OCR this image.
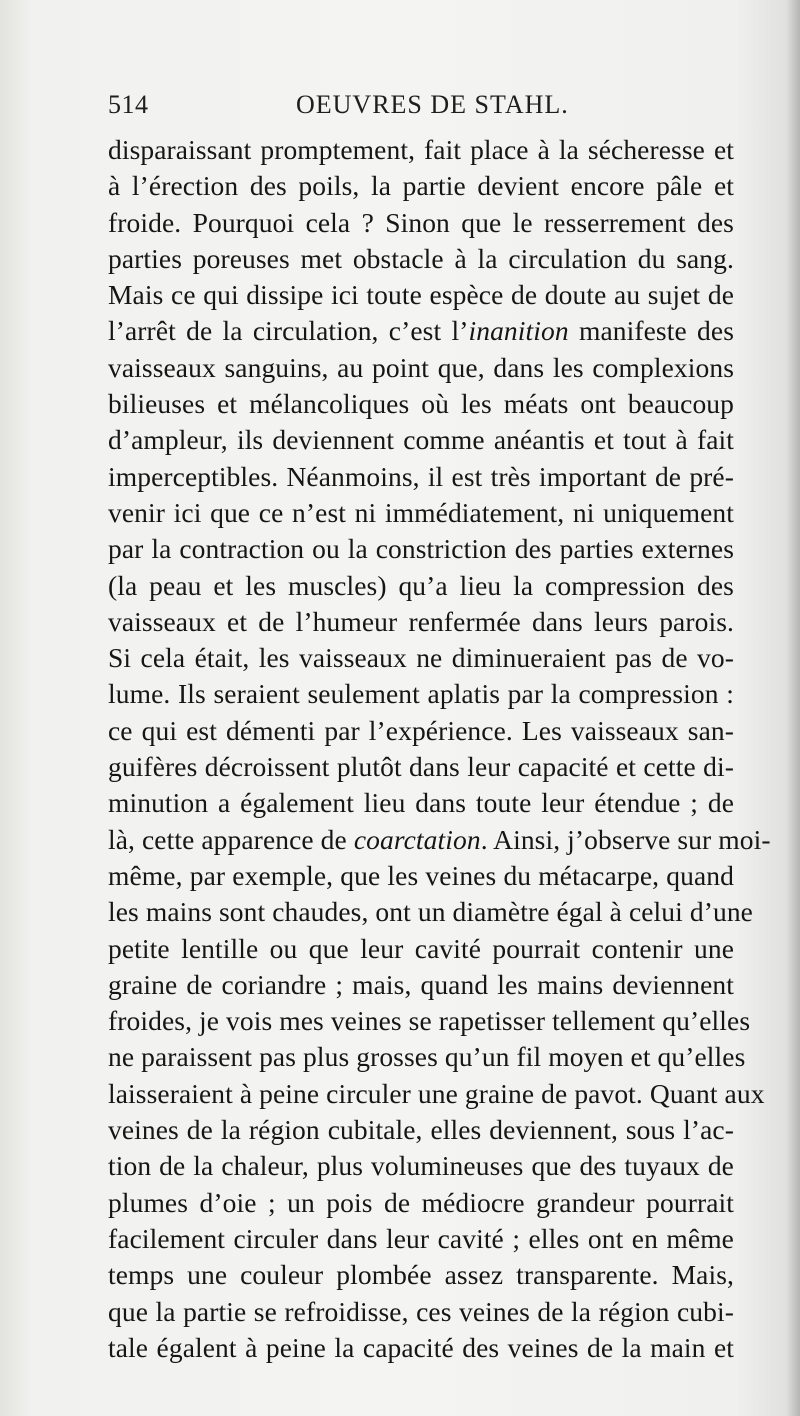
514	OEUVRES DE STAHL.
disparaissant promptement, fait place à la sécheresse et
à l’érection des poils, la partie devient encore pâle et
froide. Pourquoi cela ? Sinon que le resserrement des
parties poreuses met obstacle à la circulation du sang.
Mais ce qui dissipe ici toute espèce de doute au sujet de
l’arrêt de la circulation, c’est l’inanition manifeste des
vaisseaux sanguins, au point que, dans les complexions
bilieuses et mélancoliques où les méats ont beaucoup
d’ampleur, ils deviennent comme anéantis et tout à fait
imperceptibles. Néanmoins, il est très important de pré-
venir ici que ce n’est ni immédiatement, ni uniquement
par la contraction ou la constriction des parties externes
(la peau et les muscles) qu’a lieu la compression des
vaisseaux et de l’humeur renfermée dans leurs parois.
Si cela était, les vaisseaux ne diminueraient pas de vo-
lume. Ils seraient seulement aplatis par la compression :
ce qui est démenti par l’expérience. Les vaisseaux san-
guifères décroissent plutôt dans leur capacité et cette di-
minution a également lieu dans toute leur étendue ; de
là, cette apparence de coarctation. Ainsi, j’observe sur moi-
même, par exemple, que les veines du métacarpe, quand
les mains sont chaudes, ont un diamètre égal à celui d’une
petite lentille ou que leur cavité pourrait contenir une
graine de coriandre ; mais, quand les mains deviennent
froides, je vois mes veines se rapetisser tellement qu’elles
ne paraissent pas plus grosses qu’un fil moyen et qu’elles
laisseraient à peine circuler une graine de pavot. Quant aux
veines de la région cubitale, elles deviennent, sous l’ac-
tion de la chaleur, plus volumineuses que des tuyaux de
plumes d’oie ; un pois de médiocre grandeur pourrait
facilement circuler dans leur cavité ; elles ont en même
temps une couleur plombée assez transparente. Mais,
que la partie se refroidisse, ces veines de la région cubi-
tale égalent à peine la capacité des veines de la main et
